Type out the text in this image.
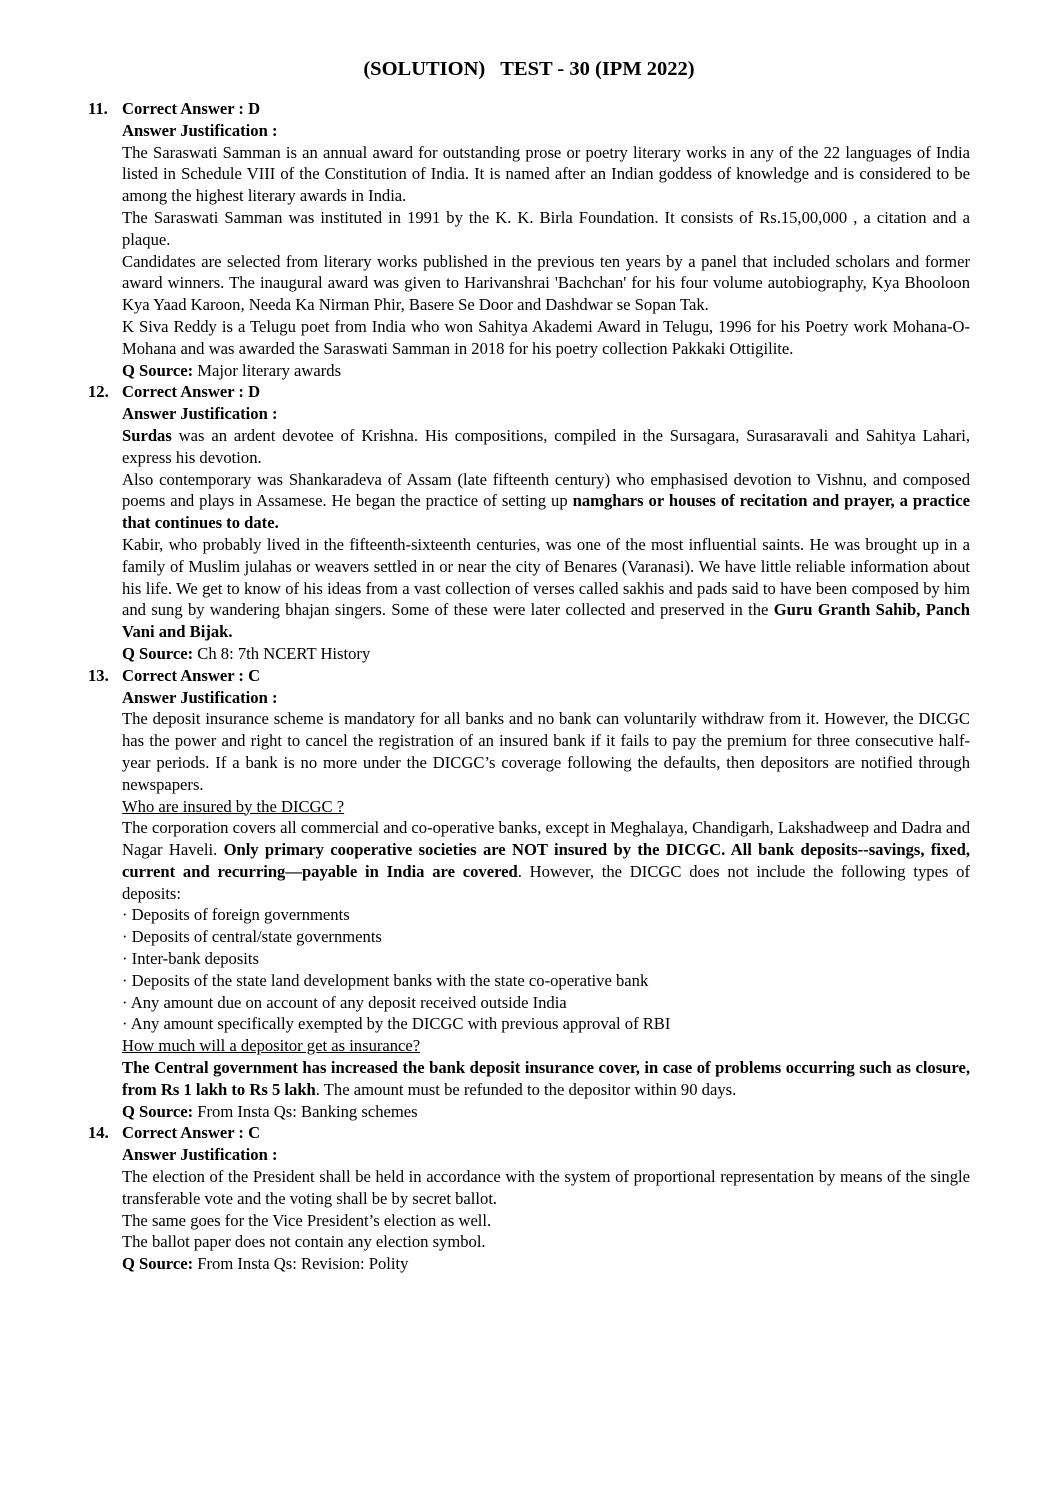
(SOLUTION)   TEST - 30 (IPM 2022)
11. Correct Answer : D
Answer Justification :

The Saraswati Samman is an annual award for outstanding prose or poetry literary works in any of the 22 languages of India listed in Schedule VIII of the Constitution of India. It is named after an Indian goddess of knowledge and is considered to be among the highest literary awards in India.

The Saraswati Samman was instituted in 1991 by the K. K. Birla Foundation. It consists of Rs.15,00,000 , a citation and a plaque.

Candidates are selected from literary works published in the previous ten years by a panel that included scholars and former award winners. The inaugural award was given to Harivanshrai 'Bachchan' for his four volume autobiography, Kya Bhooloon Kya Yaad Karoon, Needa Ka Nirman Phir, Basere Se Door and Dashdwar se Sopan Tak.

K Siva Reddy is a Telugu poet from India who won Sahitya Akademi Award in Telugu, 1996 for his Poetry work Mohana-O-Mohana and was awarded the Saraswati Samman in 2018 for his poetry collection Pakkaki Ottigilite.

Q Source: Major literary awards

12. Correct Answer : D
Answer Justification :

Surdas was an ardent devotee of Krishna. His compositions, compiled in the Sursagara, Surasaravali and Sahitya Lahari, express his devotion.

Also contemporary was Shankaradeva of Assam (late fifteenth century) who emphasised devotion to Vishnu, and composed poems and plays in Assamese. He began the practice of setting up namghars or houses of recitation and prayer, a practice that continues to date.

Kabir, who probably lived in the fifteenth-sixteenth centuries, was one of the most influential saints. He was brought up in a family of Muslim julahas or weavers settled in or near the city of Benares (Varanasi). We have little reliable information about his life. We get to know of his ideas from a vast collection of verses called sakhis and pads said to have been composed by him and sung by wandering bhajan singers. Some of these were later collected and preserved in the Guru Granth Sahib, Panch Vani and Bijak.

Q Source: Ch 8: 7th NCERT History

13. Correct Answer : C
Answer Justification :

The deposit insurance scheme is mandatory for all banks and no bank can voluntarily withdraw from it. However, the DICGC has the power and right to cancel the registration of an insured bank if it fails to pay the premium for three consecutive half-year periods. If a bank is no more under the DICGC’s coverage following the defaults, then depositors are notified through newspapers.

Who are insured by the DICGC ?

The corporation covers all commercial and co-operative banks, except in Meghalaya, Chandigarh, Lakshadweep and Dadra and Nagar Haveli. Only primary cooperative societies are NOT insured by the DICGC. All bank deposits--savings, fixed, current and recurring—payable in India are covered. However, the DICGC does not include the following types of deposits:

· Deposits of foreign governments

· Deposits of central/state governments

· Inter-bank deposits

· Deposits of the state land development banks with the state co-operative bank

· Any amount due on account of any deposit received outside India

· Any amount specifically exempted by the DICGC with previous approval of RBI

How much will a depositor get as insurance?

The Central government has increased the bank deposit insurance cover, in case of problems occurring such as closure, from Rs 1 lakh to Rs 5 lakh. The amount must be refunded to the depositor within 90 days.

Q Source: From Insta Qs: Banking schemes

14. Correct Answer : C
Answer Justification :

The election of the President shall be held in accordance with the system of proportional representation by means of the single transferable vote and the voting shall be by secret ballot.

The same goes for the Vice President’s election as well.

The ballot paper does not contain any election symbol.

Q Source: From Insta Qs: Revision: Polity
